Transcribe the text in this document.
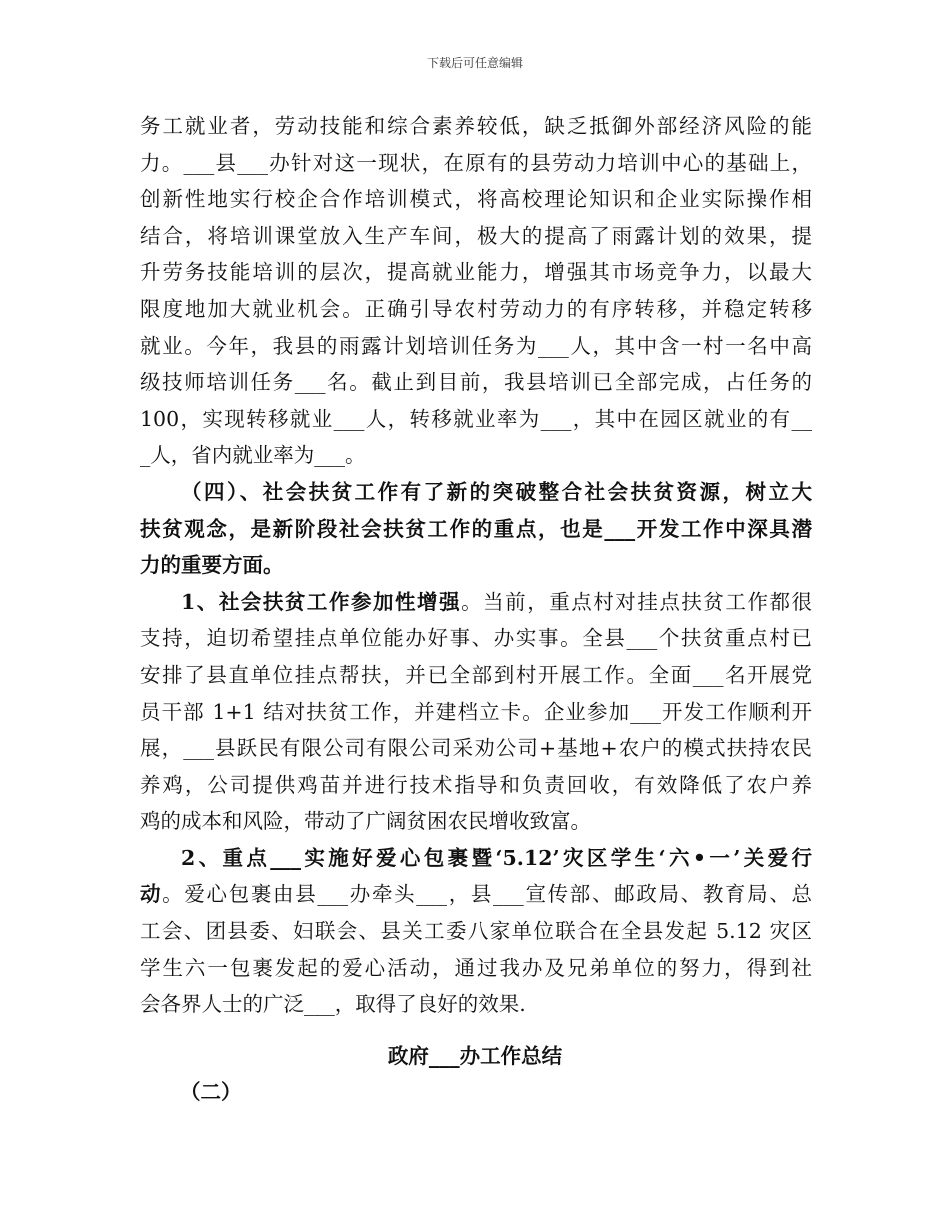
下载后可任意编辑
务工就业者，劳动技能和综合素养较低，缺乏抵御外部经济风险的能
力。___县___办针对这一现状，在原有的县劳动力培训中心的基础上，
创新性地实行校企合作培训模式，将高校理论知识和企业实际操作相
结合，将培训课堂放入生产车间，极大的提高了雨露计划的效果，提
升劳务技能培训的层次，提高就业能力，增强其市场竞争力，以最大
限度地加大就业机会。正确引导农村劳动力的有序转移，并稳定转移
就业。今年，我县的雨露计划培训任务为___人，其中含一村一名中高
级技师培训任务___名。截止到目前，我县培训已全部完成，占任务的
100，实现转移就业___人，转移就业率为___，其中在园区就业的有__
_人，省内就业率为___。
（四）、社会扶贫工作有了新的突破整合社会扶贫资源，树立大
扶贫观念，是新阶段社会扶贫工作的重点，也是___开发工作中深具潜
力的重要方面。
1、社会扶贫工作参加性增强。当前，重点村对挂点扶贫工作都很
支持，迫切希望挂点单位能办好事、办实事。全县___个扶贫重点村已
安排了县直单位挂点帮扶，并已全部到村开展工作。全面___名开展党
员干部 1+1 结对扶贫工作，并建档立卡。企业参加___开发工作顺利开
展，___县跃民有限公司有限公司采劝公司+基地+农户的模式扶持农民
养鸡，公司提供鸡苗并进行技术指导和负责回收，有效降低了农户养
鸡的成本和风险，带动了广阔贫困农民增收致富。
2、重点___实施好爱心包裹暨‘5.12’灾区学生‘六•一’关爱行
动。爱心包裹由县___办牵头___，县___宣传部、邮政局、教育局、总
工会、团县委、妇联会、县关工委八家单位联合在全县发起 5.12 灾区
学生六一包裹发起的爱心活动，通过我办及兄弟单位的努力，得到社
会各界人士的广泛___，取得了良好的效果.
政府___办工作总结
（二）
